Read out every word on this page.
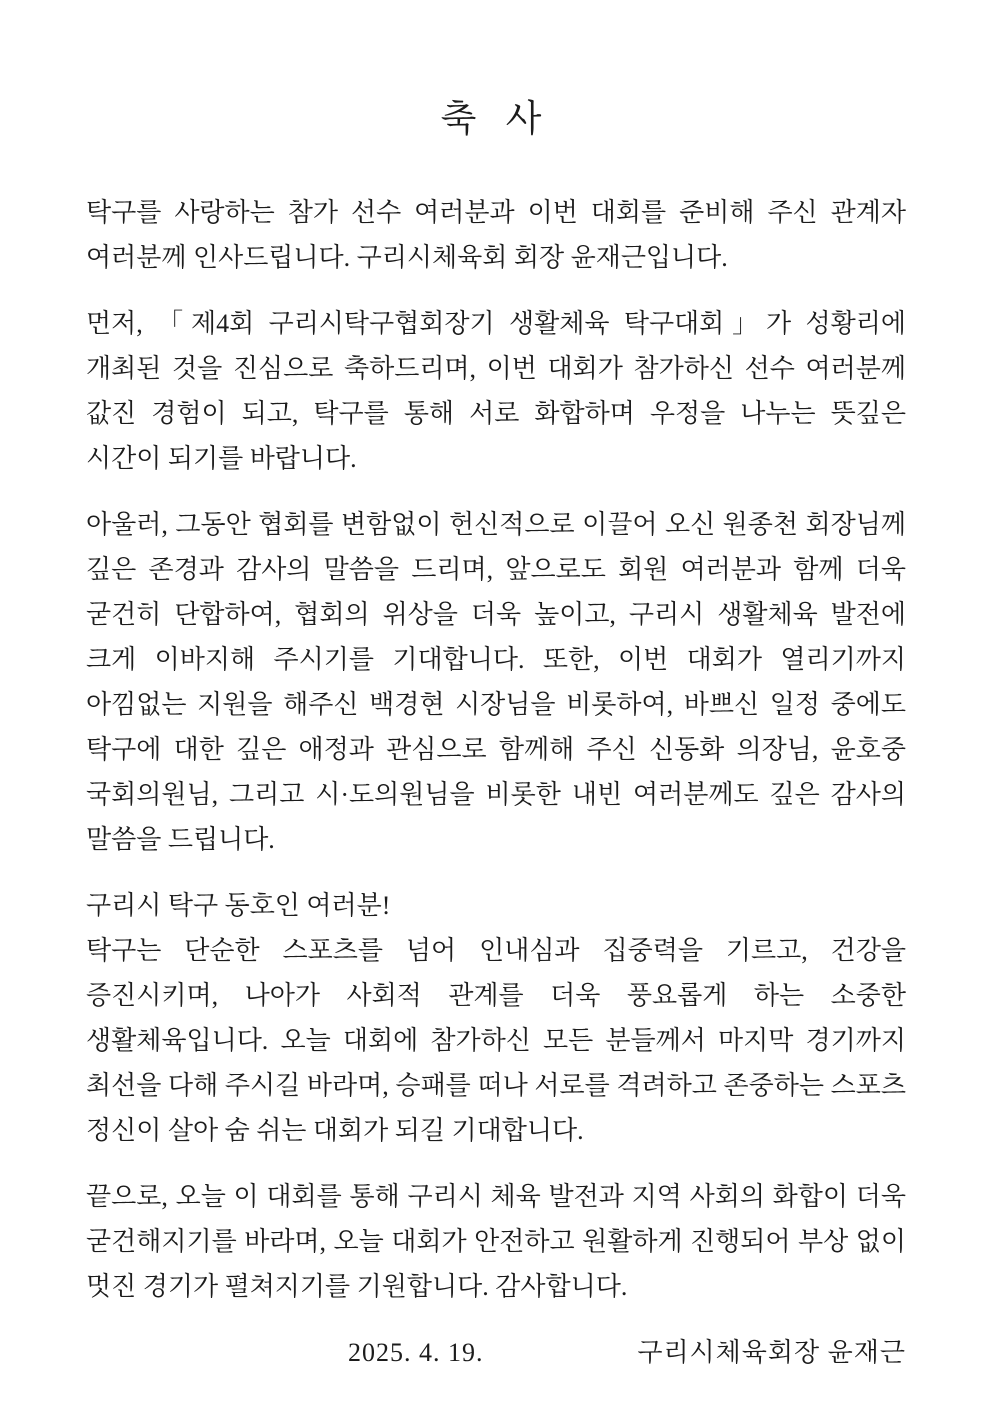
축 사

탁구를 사랑하는 참가 선수 여러분과 이번 대회를 준비해 주신 관계자 여러분께 인사드립니다. 구리시체육회 회장 윤재근입니다.

먼저, 「제4회 구리시탁구협회장기 생활체육 탁구대회」가 성황리에 개최된 것을 진심으로 축하드리며, 이번 대회가 참가하신 선수 여러분께 값진 경험이 되고, 탁구를 통해 서로 화합하며 우정을 나누는 뜻깊은 시간이 되기를 바랍니다.

아울러, 그동안 협회를 변함없이 헌신적으로 이끌어 오신 원종천 회장님께 깊은 존경과 감사의 말씀을 드리며, 앞으로도 회원 여러분과 함께 더욱 굳건히 단합하여, 협회의 위상을 더욱 높이고, 구리시 생활체육 발전에 크게 이바지해 주시기를 기대합니다. 또한, 이번 대회가 열리기까지 아낌없는 지원을 해주신 백경현 시장님을 비롯하여, 바쁘신 일정 중에도 탁구에 대한 깊은 애정과 관심으로 함께해 주신 신동화 의장님, 윤호중 국회의원님, 그리고 시·도의원님을 비롯한 내빈 여러분께도 깊은 감사의 말씀을 드립니다.

구리시 탁구 동호인 여러분!

탁구는 단순한 스포츠를 넘어 인내심과 집중력을 기르고, 건강을 증진시키며, 나아가 사회적 관계를 더욱 풍요롭게 하는 소중한 생활체육입니다. 오늘 대회에 참가하신 모든 분들께서 마지막 경기까지 최선을 다해 주시길 바라며, 승패를 떠나 서로를 격려하고 존중하는 스포츠 정신이 살아 숨 쉬는 대회가 되길 기대합니다.

끝으로, 오늘 이 대회를 통해 구리시 체육 발전과 지역 사회의 화합이 더욱 굳건해지기를 바라며, 오늘 대회가 안전하고 원활하게 진행되어 부상 없이 멋진 경기가 펼쳐지기를 기원합니다. 감사합니다.

2025. 4. 19.	구리시체육회장 윤재근
